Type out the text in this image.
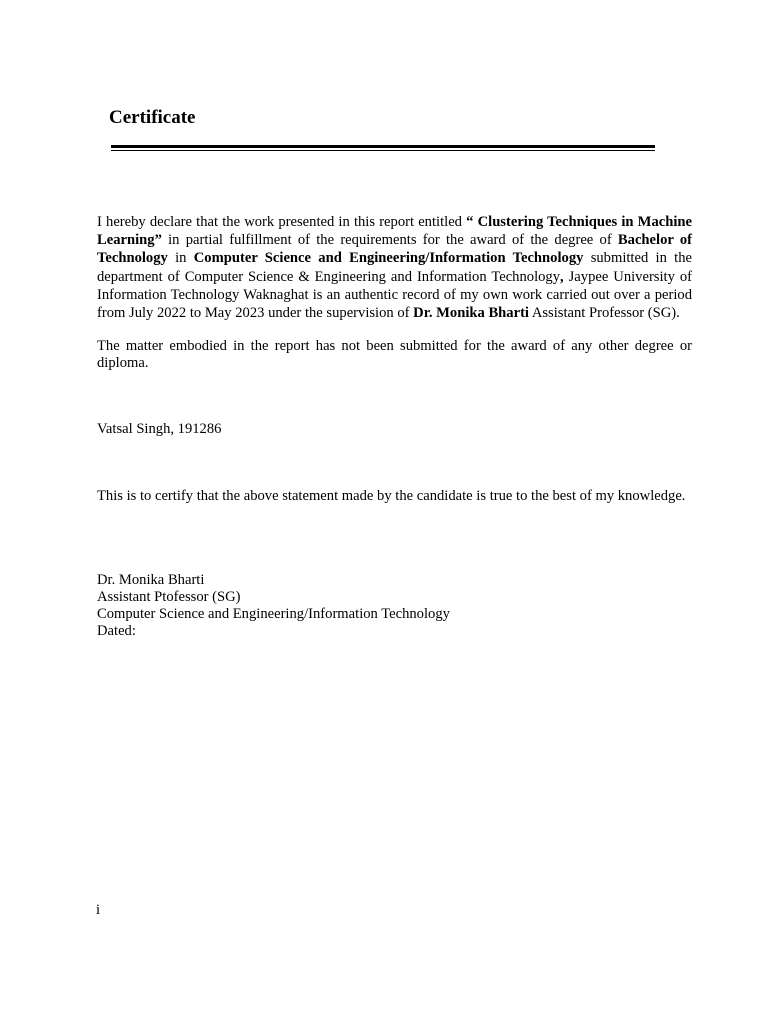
Certificate

I hereby declare that the work presented in this report entitled “ Clustering Techniques in Machine Learning” in partial fulfillment of the requirements for the award of the degree of Bachelor of Technology in Computer Science and Engineering/Information Technology submitted in the department of Computer Science & Engineering and Information Technology, Jaypee University of Information Technology Waknaghat is an authentic record of my own work carried out over a period from July 2022 to May 2023 under the supervision of Dr. Monika Bharti Assistant Professor (SG).

The matter embodied in the report has not been submitted for the award of any other degree or diploma.

Vatsal Singh, 191286

This is to certify that the above statement made by the candidate is true to the best of my knowledge.

Dr. Monika Bharti
Assistant Ptofessor (SG)
Computer Science and Engineering/Information Technology
Dated:

i
